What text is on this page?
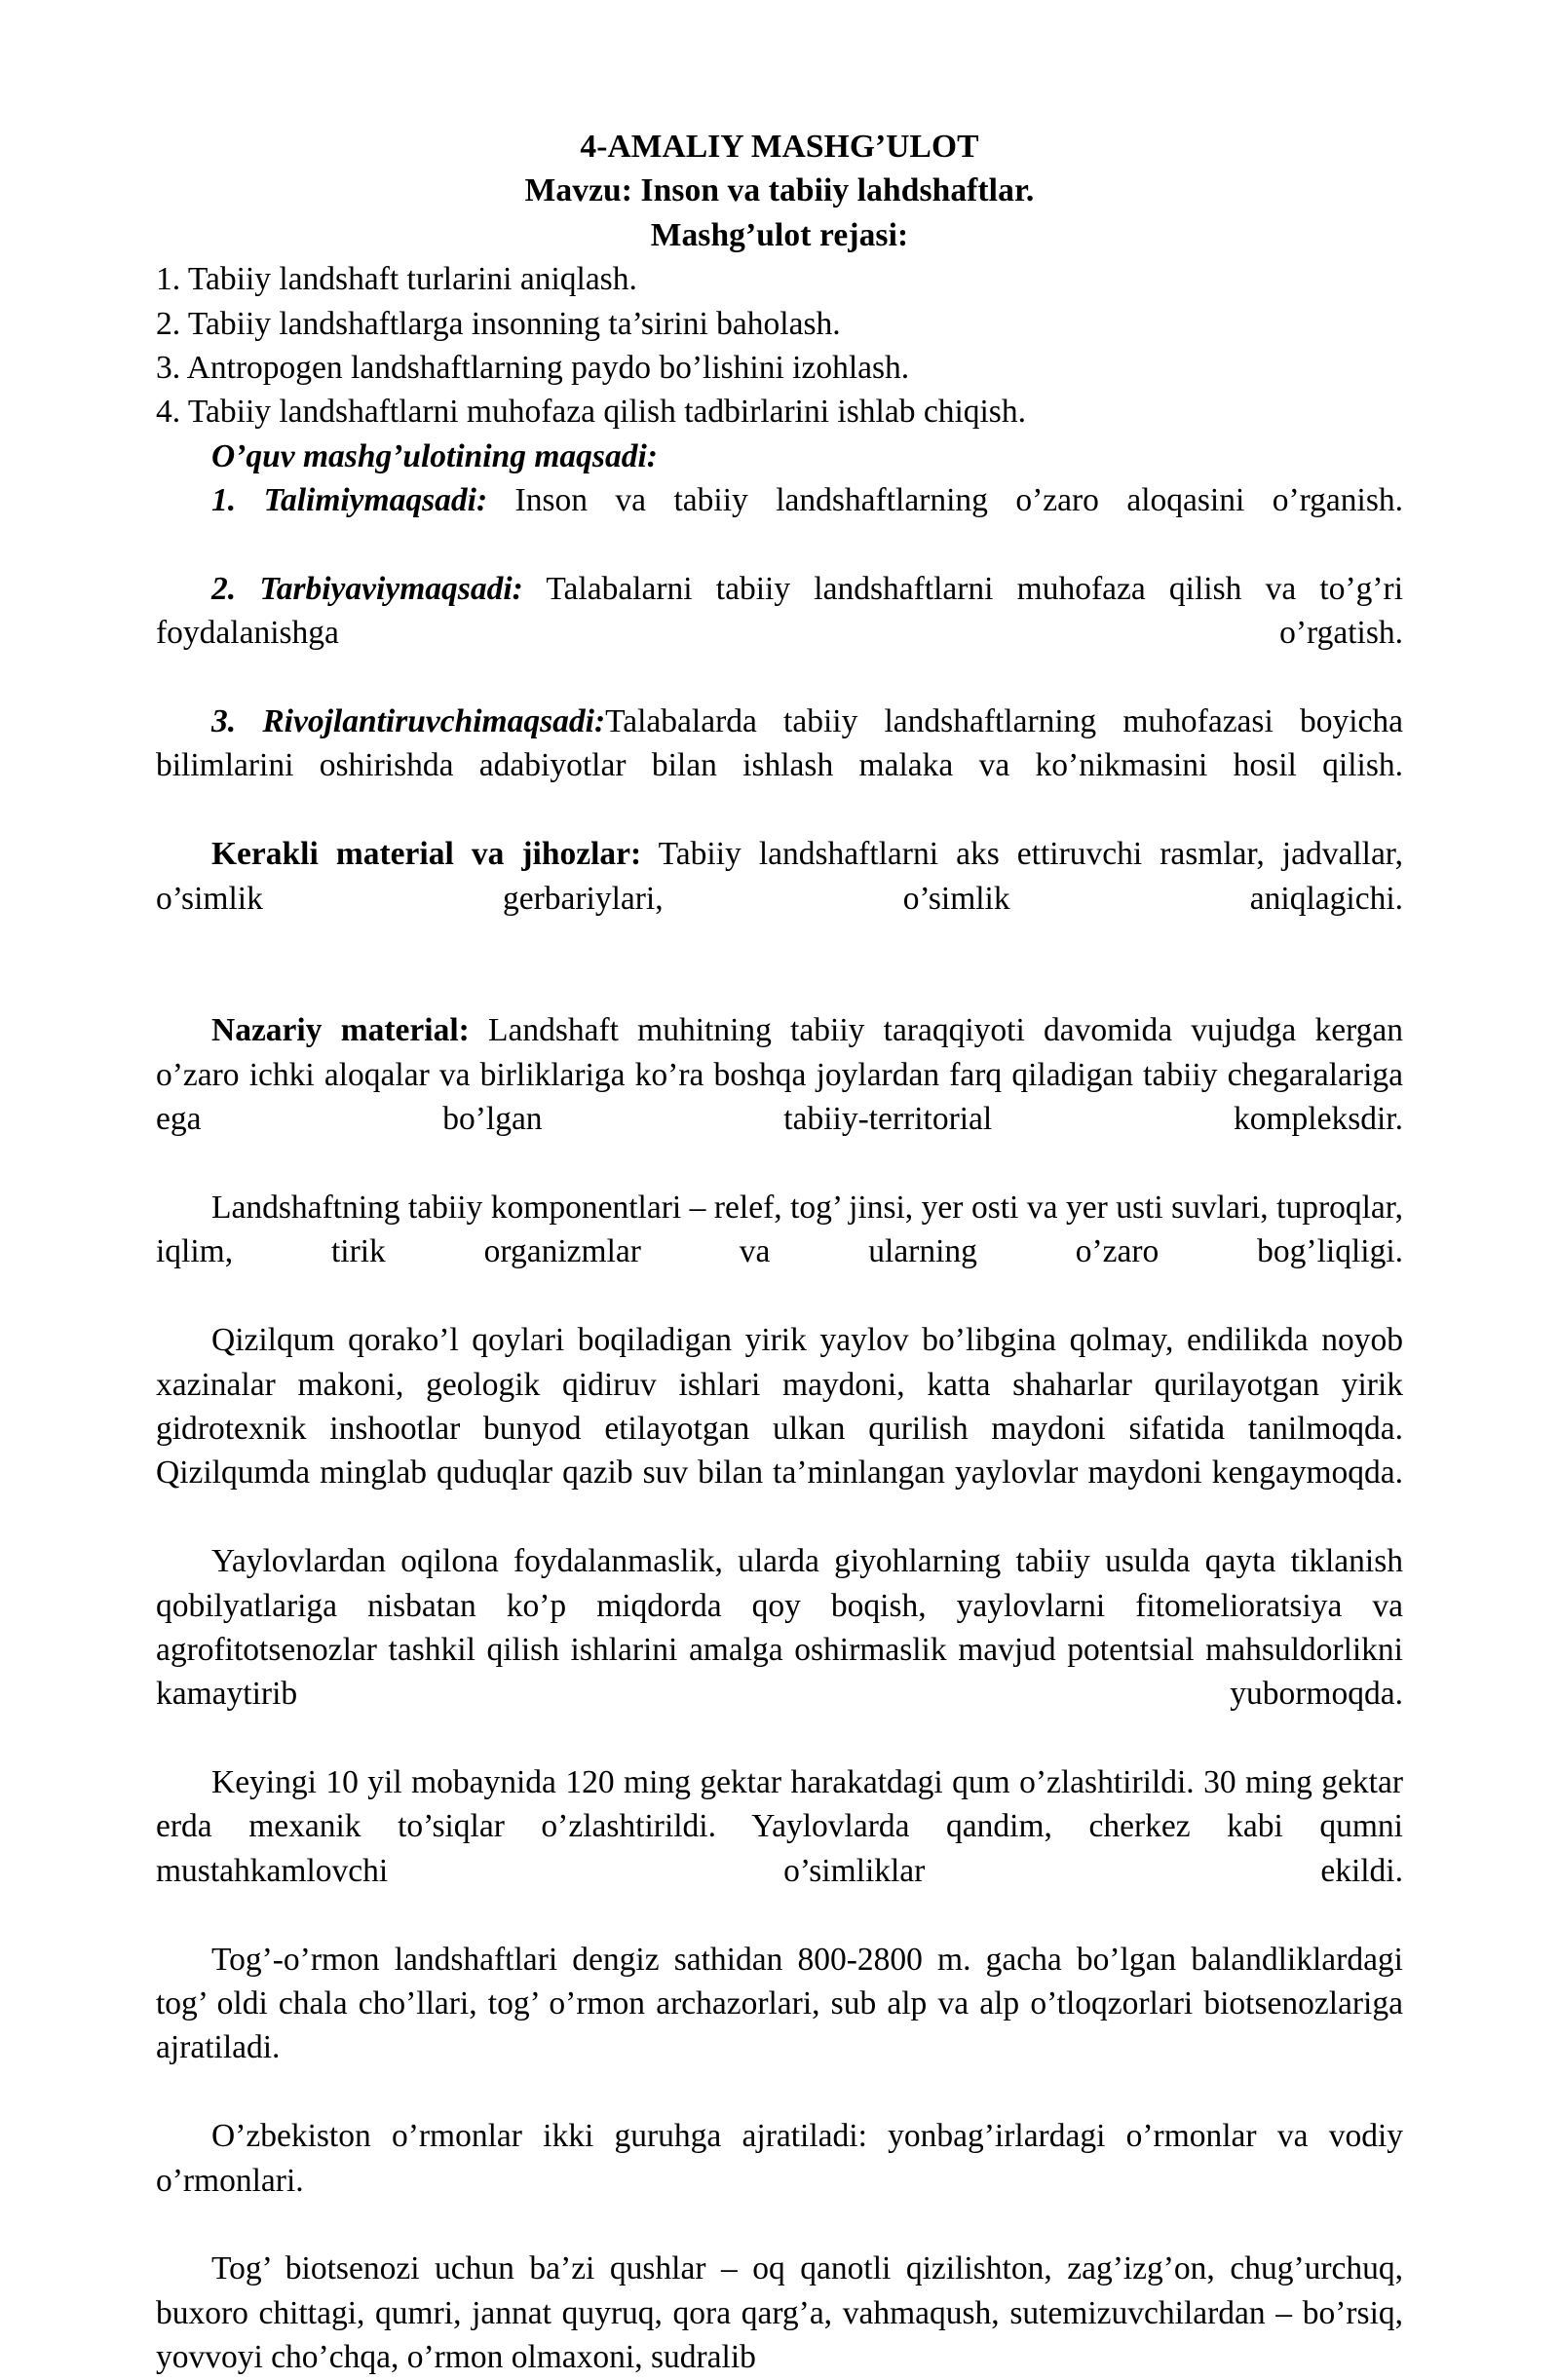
4-AMALIY MASHG’ULOT
Mavzu: Inson va tabiiy lahdshaftlar.
Mashg’ulot rejasi:
1. Tabiiy landshaft turlarini aniqlash.
2. Tabiiy landshaftlarga insonning ta’sirini baholash.
3. Antropogen landshaftlarning paydo bo’lishini izohlash.
4. Tabiiy landshaftlarni muhofaza qilish tadbirlarini ishlab chiqish.

O’quv mashg’ulotining maqsadi:

1. Talimiymaqsadi: Inson va tabiiy landshaftlarning o’zaro aloqasini o’rganish.

2. Tarbiyaviymaqsadi: Talabalarni tabiiy landshaftlarni muhofaza qilish va to’g’ri foydalanishga o’rgatish.

3. Rivojlantiruvchimaqsadi:Talabalarda tabiiy landshaftlarning muhofazasi boyicha bilimlarini oshirishda adabiyotlar bilan ishlash malaka va ko’nikmasini hosil qilish.

Kerakli material va jihozlar: Tabiiy landshaftlarni aks ettiruvchi rasmlar, jadvallar, o’simlik gerbariylari, o’simlik aniqlagichi.

Nazariy material: Landshaft muhitning tabiiy taraqqiyoti davomida vujudga kergan o’zaro ichki aloqalar va birliklariga ko’ra boshqa joylardan farq qiladigan tabiiy chegaralariga ega bo’lgan tabiiy-territorial kompleksdir.

Landshaftning tabiiy komponentlari – relef, tog’ jinsi, yer osti va yer usti suvlari, tuproqlar, iqlim, tirik organizmlar va ularning o’zaro bog’liqligi.

Qizilqum qorako’l qoylari boqiladigan yirik yaylov bo’libgina qolmay, endilikda noyob xazinalar makoni, geologik qidiruv ishlari maydoni, katta shaharlar qurilayotgan yirik gidrotexnik inshootlar bunyod etilayotgan ulkan qurilish maydoni sifatida tanilmoqda. Qizilqumda minglab quduqlar qazib suv bilan ta’minlangan yaylovlar maydoni kengaymoqda.

Yaylovlardan oqilona foydalanmaslik, ularda giyohlarning tabiiy usulda qayta tiklanish qobilyatlariga nisbatan ko’p miqdorda qoy boqish, yaylovlarni fitomelioratsiya va agrofitotsenozlar tashkil qilish ishlarini amalga oshirmaslik mavjud potentsial mahsuldorlikni kamaytirib yubormoqda.

Keyingi 10 yil mobaynida 120 ming gektar harakatdagi qum o’zlashtirildi. 30 ming gektar erda mexanik to’siqlar o’zlashtirildi. Yaylovlarda qandim, cherkez kabi qumni mustahkamlovchi o’simliklar ekildi.

Tog’-o’rmon landshaftlari dengiz sathidan 800-2800 m. gacha bo’lgan balandliklardagi tog’ oldi chala cho’llari, tog’ o’rmon archazorlari, sub alp va alp o’tloqzorlari biotsenozlariga ajratiladi.

O’zbekiston o’rmonlar ikki guruhga ajratiladi: yonbag’irlardagi o’rmonlar va vodiy o’rmonlari.

Tog’ biotsenozi uchun ba’zi qushlar – oq qanotli qizilishton, zag’izg’on, chug’urchuq, buxoro chittagi, qumri, jannat quyruq, qora qarg’a, vahmaqush, sutemizuvchilardan – bo’rsiq, yovvoyi cho’chqa, o’rmon olmaxoni, sudralib
